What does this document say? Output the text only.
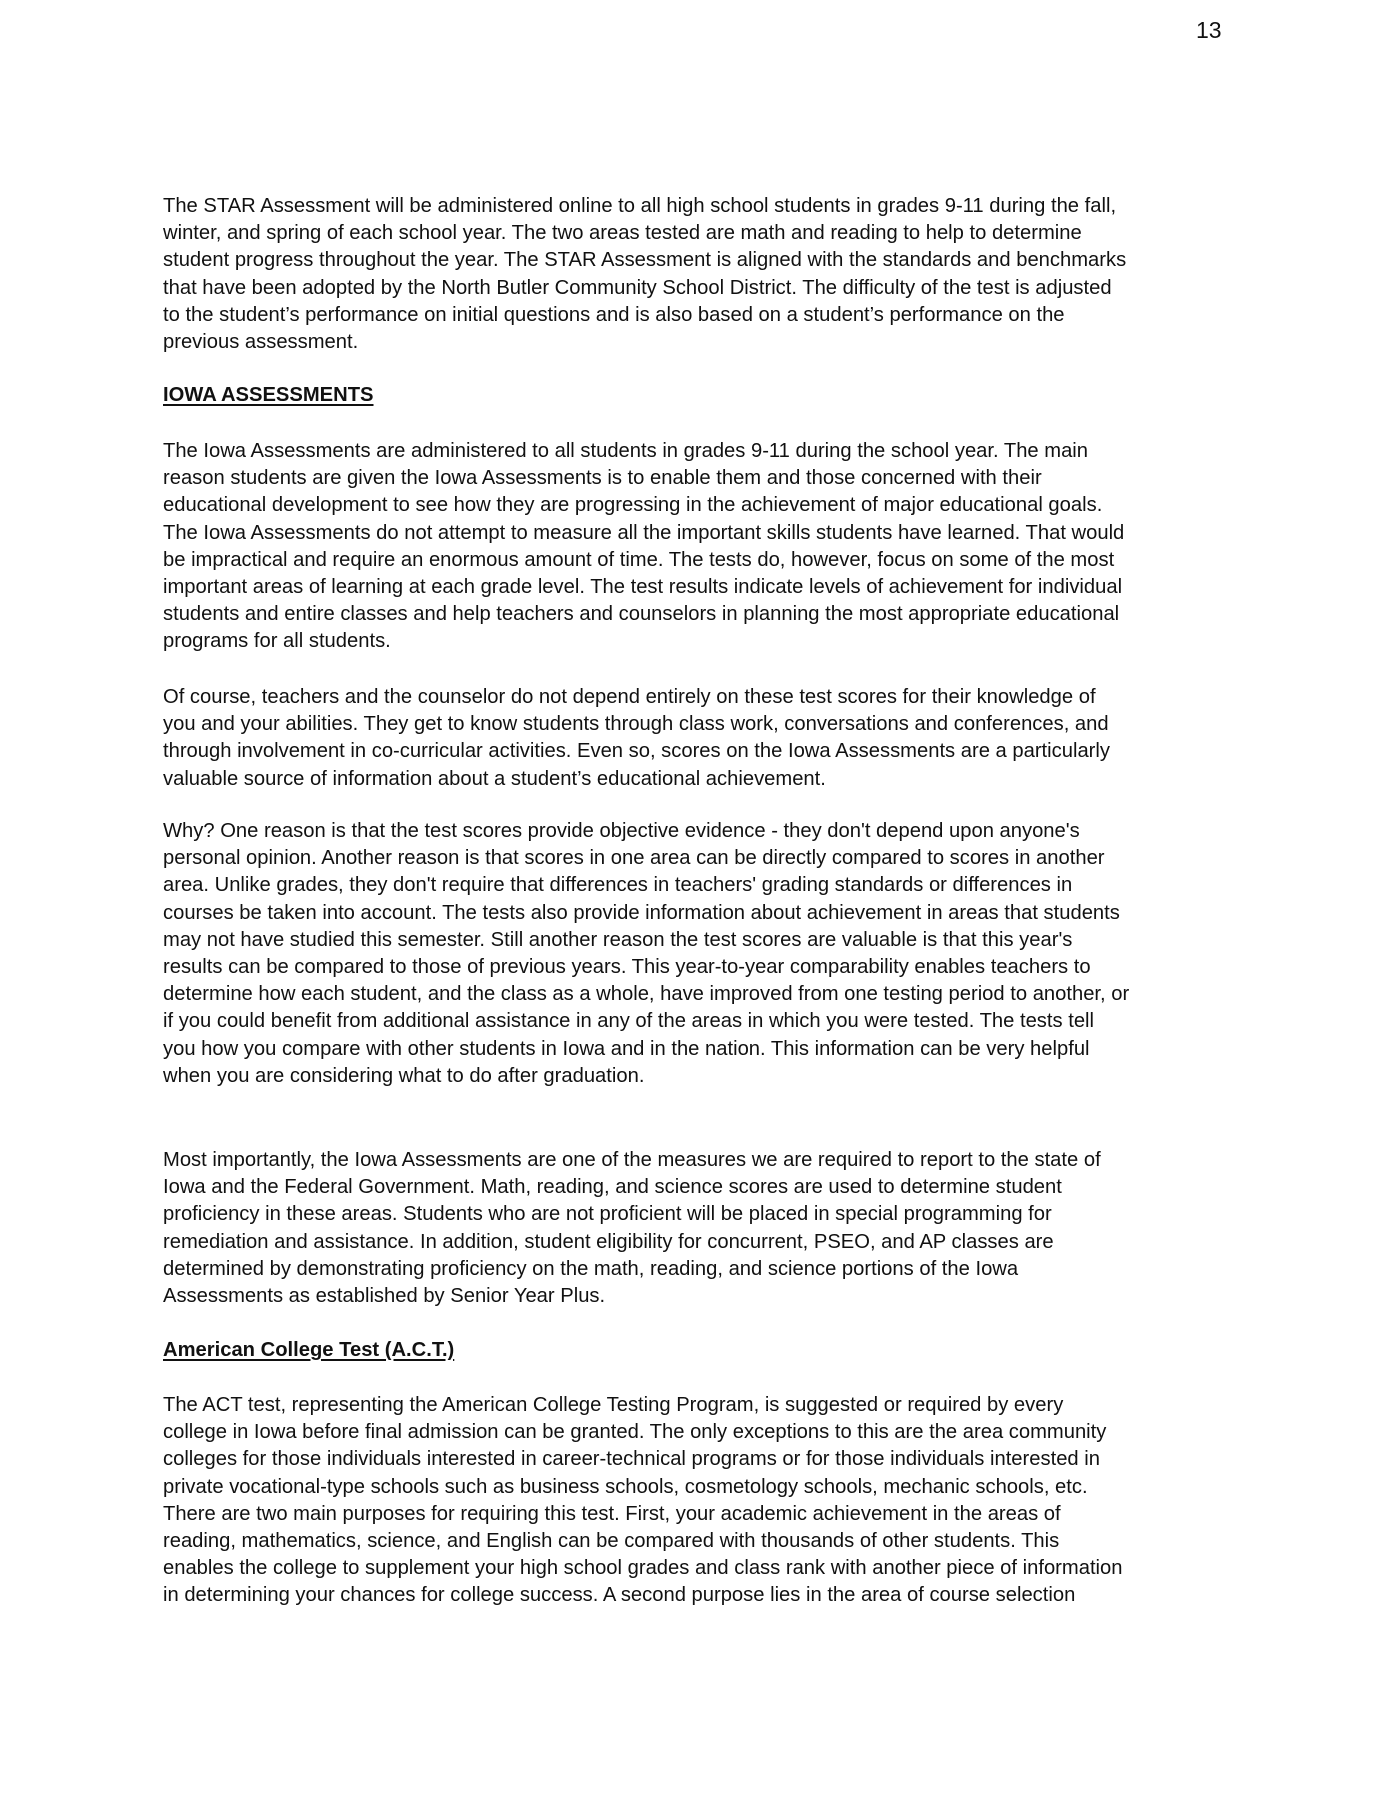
13
The STAR Assessment will be administered online to all high school students in grades 9-11 during the fall,
winter, and spring of each school year. The two areas tested are math and reading to help to determine
student progress throughout the year. The STAR Assessment is aligned with the standards and benchmarks
that have been adopted by the North Butler Community School District. The difficulty of the test is adjusted
to the student’s performance on initial questions and is also based on a student’s performance on the
previous assessment.
IOWA ASSESSMENTS
The Iowa Assessments are administered to all students in grades 9-11 during the school year. The main
reason students are given the Iowa Assessments is to enable them and those concerned with their
educational development to see how they are progressing in the achievement of major educational goals.
The Iowa Assessments do not attempt to measure all the important skills students have learned. That would
be impractical and require an enormous amount of time. The tests do, however, focus on some of the most
important areas of learning at each grade level. The test results indicate levels of achievement for individual
students and entire classes and help teachers and counselors in planning the most appropriate educational
programs for all students.
Of course, teachers and the counselor do not depend entirely on these test scores for their knowledge of
you and your abilities. They get to know students through class work, conversations and conferences, and
through involvement in co-curricular activities. Even so, scores on the Iowa Assessments are a particularly
valuable source of information about a student’s educational achievement.
Why? One reason is that the test scores provide objective evidence - they don't depend upon anyone's
personal opinion. Another reason is that scores in one area can be directly compared to scores in another
area. Unlike grades, they don't require that differences in teachers' grading standards or differences in
courses be taken into account. The tests also provide information about achievement in areas that students
may not have studied this semester. Still another reason the test scores are valuable is that this year's
results can be compared to those of previous years. This year-to-year comparability enables teachers to
determine how each student, and the class as a whole, have improved from one testing period to another, or
if you could benefit from additional assistance in any of the areas in which you were tested. The tests tell
you how you compare with other students in Iowa and in the nation. This information can be very helpful
when you are considering what to do after graduation.
Most importantly, the Iowa Assessments are one of the measures we are required to report to the state of
Iowa and the Federal Government. Math, reading, and science scores are used to determine student
proficiency in these areas. Students who are not proficient will be placed in special programming for
remediation and assistance. In addition, student eligibility for concurrent, PSEO, and AP classes are
determined by demonstrating proficiency on the math, reading, and science portions of the Iowa
Assessments as established by Senior Year Plus.
American College Test (A.C.T.)
The ACT test, representing the American College Testing Program, is suggested or required by every
college in Iowa before final admission can be granted. The only exceptions to this are the area community
colleges for those individuals interested in career-technical programs or for those individuals interested in
private vocational-type schools such as business schools, cosmetology schools, mechanic schools, etc.
There are two main purposes for requiring this test. First, your academic achievement in the areas of
reading, mathematics, science, and English can be compared with thousands of other students. This
enables the college to supplement your high school grades and class rank with another piece of information
in determining your chances for college success. A second purpose lies in the area of course selection
